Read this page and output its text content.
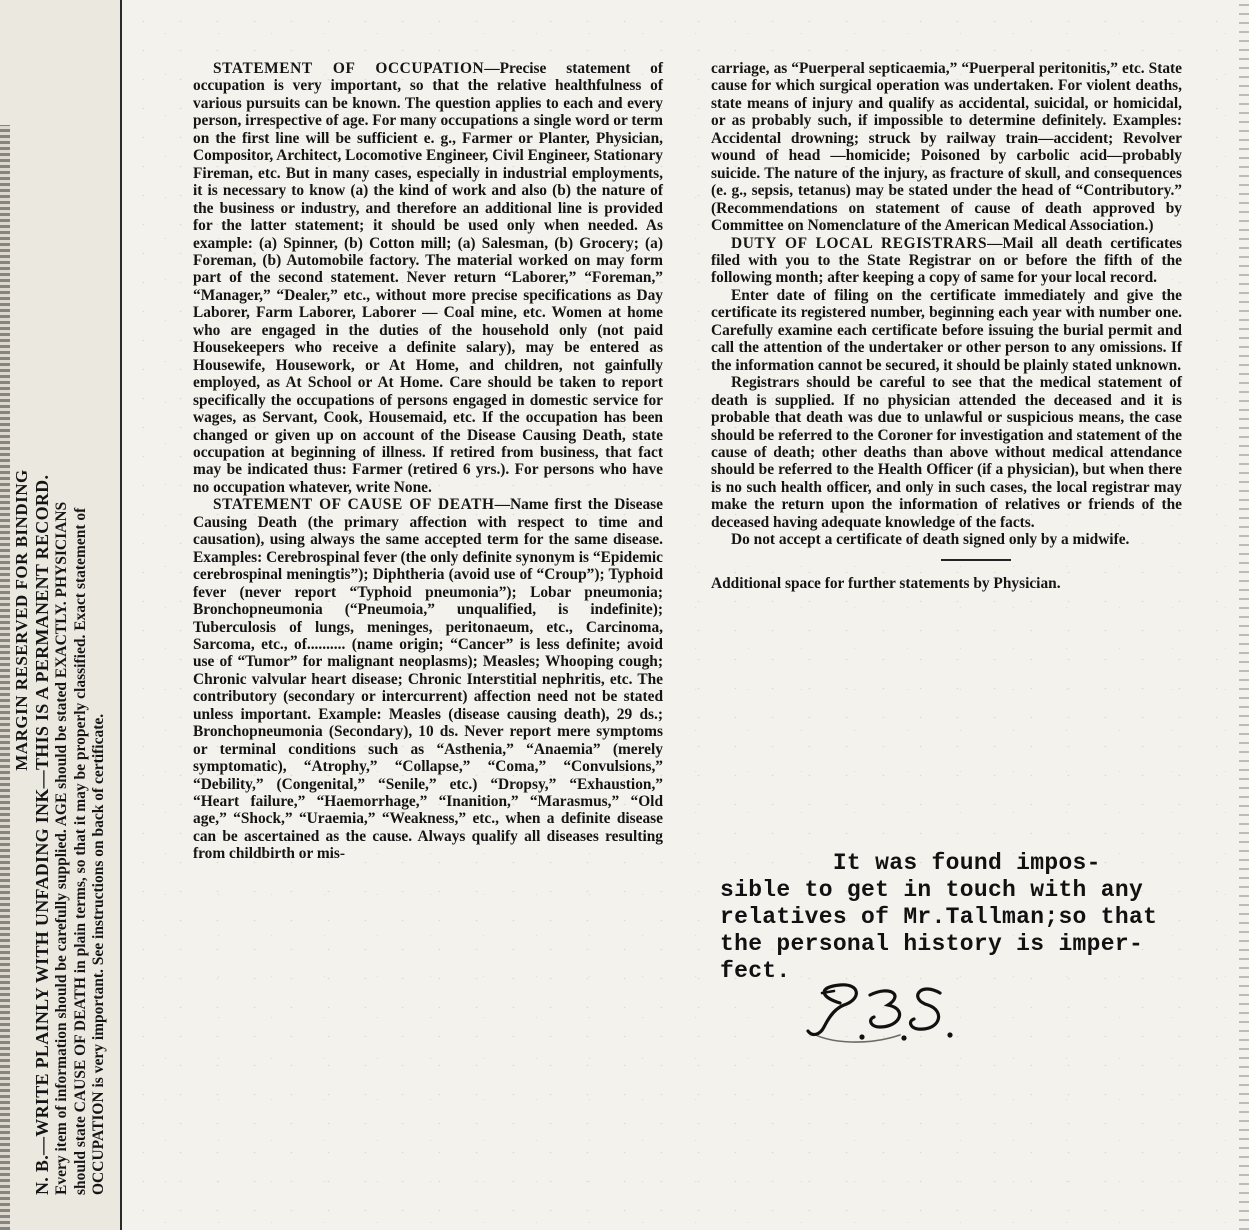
MARGIN RESERVED FOR BINDING N. B.—WRITE PLAINLY WITH UNFADING INK—THIS IS A PERMANENT RECORD. Every item of information should be carefully supplied. AGE should be stated EXACTLY. PHYSICIANS should state CAUSE OF DEATH in plain terms, so that it may be properly classified. Exact statement of OCCUPATION is very important. See instructions on back of certificate.

STATEMENT OF OCCUPATION—Precise statement of occupation is very important, so that the relative healthfulness of various pursuits can be known. The question applies to each and every person, irrespective of age. For many occupations a single word or term on the first line will be sufficient e. g., Farmer or Planter, Physician, Compositor, Architect, Locomotive Engineer, Civil Engineer, Stationary Fireman, etc. But in many cases, especially in industrial employments, it is necessary to know (a) the kind of work and also (b) the nature of the business or industry, and therefore an additional line is provided for the latter statement; it should be used only when needed. As example: (a) Spinner, (b) Cotton mill; (a) Salesman, (b) Grocery; (a) Foreman, (b) Automobile factory. The material worked on may form part of the second statement. Never return “Laborer,” “Foreman,” “Manager,” “Dealer,” etc., without more precise specifications as Day Laborer, Farm Laborer, Laborer — Coal mine, etc. Women at home who are engaged in the duties of the household only (not paid Housekeepers who receive a definite salary), may be entered as Housewife, Housework, or At Home, and children, not gainfully employed, as At School or At Home. Care should be taken to report specifically the occupations of persons engaged in domestic service for wages, as Servant, Cook, Housemaid, etc. If the occupation has been changed or given up on account of the Disease Causing Death, state occupation at beginning of illness. If retired from business, that fact may be indicated thus: Farmer (retired 6 yrs.). For persons who have no occupation whatever, write None.

STATEMENT OF CAUSE OF DEATH—Name first the Disease Causing Death (the primary affection with respect to time and causation), using always the same accepted term for the same disease. Examples: Cerebrospinal fever (the only definite synonym is “Epidemic cerebrospinal meningtis”); Diphtheria (avoid use of “Croup”); Typhoid fever (never report “Typhoid pneumonia”); Lobar pneumonia; Bronchopneumonia (“Pneumoia,” unqualified, is indefinite); Tuberculosis of lungs, meninges, peritonaeum, etc., Carcinoma, Sarcoma, etc., of.......... (name origin; “Cancer” is less definite; avoid use of “Tumor” for malignant neoplasms); Measles; Whooping cough; Chronic valvular heart disease; Chronic Interstitial nephritis, etc. The contributory (secondary or intercurrent) affection need not be stated unless important. Example: Measles (disease causing death), 29 ds.; Bronchopneumonia (Secondary), 10 ds. Never report mere symptoms or terminal conditions such as “Asthenia,” “Anaemia” (merely symptomatic), “Atrophy,” “Collapse,” “Coma,” “Convulsions,” “Debility,” (Congenital,” “Senile,” etc.) “Dropsy,” “Exhaustion,” “Heart failure,” “Haemorrhage,” “Inanition,” “Marasmus,” “Old age,” “Shock,” “Uraemia,” “Weakness,” etc., when a definite disease can be ascertained as the cause. Always qualify all diseases resulting from childbirth or mis-

carriage, as “Puerperal septicaemia,” “Puerperal peritonitis,” etc. State cause for which surgical operation was undertaken. For violent deaths, state means of injury and qualify as accidental, suicidal, or homicidal, or as probably such, if impossible to determine definitely. Examples: Accidental drowning; struck by railway train—accident; Revolver wound of head —homicide; Poisoned by carbolic acid—probably suicide. The nature of the injury, as fracture of skull, and consequences (e. g., sepsis, tetanus) may be stated under the head of “Contributory.” (Recommendations on statement of cause of death approved by Committee on Nomenclature of the American Medical Association.)

DUTY OF LOCAL REGISTRARS—Mail all death certificates filed with you to the State Registrar on or before the fifth of the following month; after keeping a copy of same for your local record.

Enter date of filing on the certificate immediately and give the certificate its registered number, beginning each year with number one. Carefully examine each certificate before issuing the burial permit and call the attention of the undertaker or other person to any omissions. If the information cannot be secured, it should be plainly stated unknown.

Registrars should be careful to see that the medical statement of death is supplied. If no physician attended the deceased and it is probable that death was due to unlawful or suspicious means, the case should be referred to the Coroner for investigation and statement of the cause of death; other deaths than above without medical attendance should be referred to the Health Officer (if a physician), but when there is no such health officer, and only in such cases, the local registrar may make the return upon the information of relatives or friends of the deceased having adequate knowledge of the facts.

Do not accept a certificate of death signed only by a midwife.

Additional space for further statements by Physician.

It was found impos-
sible to get in touch with any
relatives of Mr.Tallman;so that
the personal history is imper-
fect.
